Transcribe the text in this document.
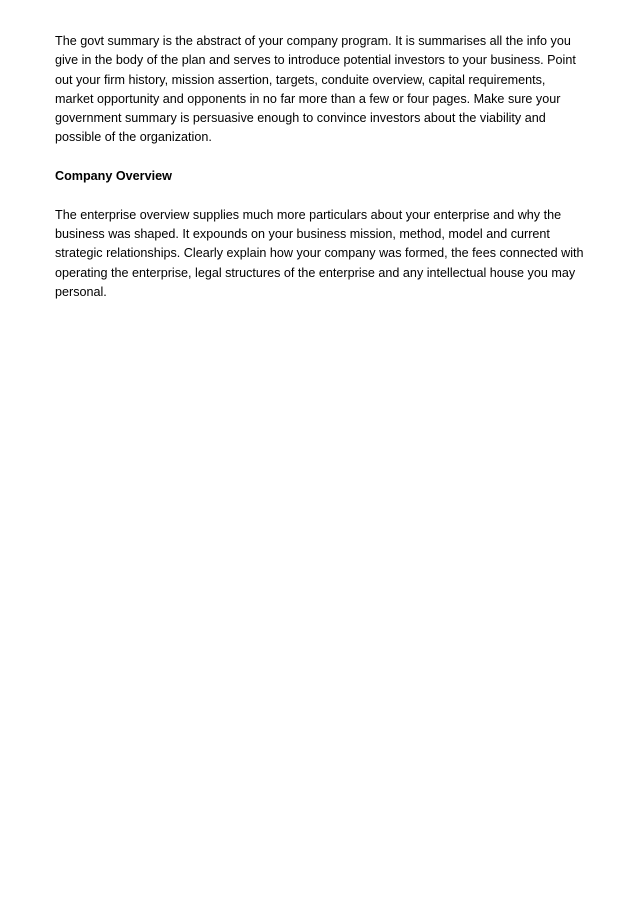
The govt summary is the abstract of your company program. It is summarises all the info you give in the body of the plan and serves to introduce potential investors to your business. Point out your firm history, mission assertion, targets, conduite overview, capital requirements, market opportunity and opponents in no far more than a few or four pages. Make sure your government summary is persuasive enough to convince investors about the viability and possible of the organization.

Company Overview

The enterprise overview supplies much more particulars about your enterprise and why the business was shaped. It expounds on your business mission, method, model and current strategic relationships. Clearly explain how your company was formed, the fees connected with operating the enterprise, legal structures of the enterprise and any intellectual house you may personal.
